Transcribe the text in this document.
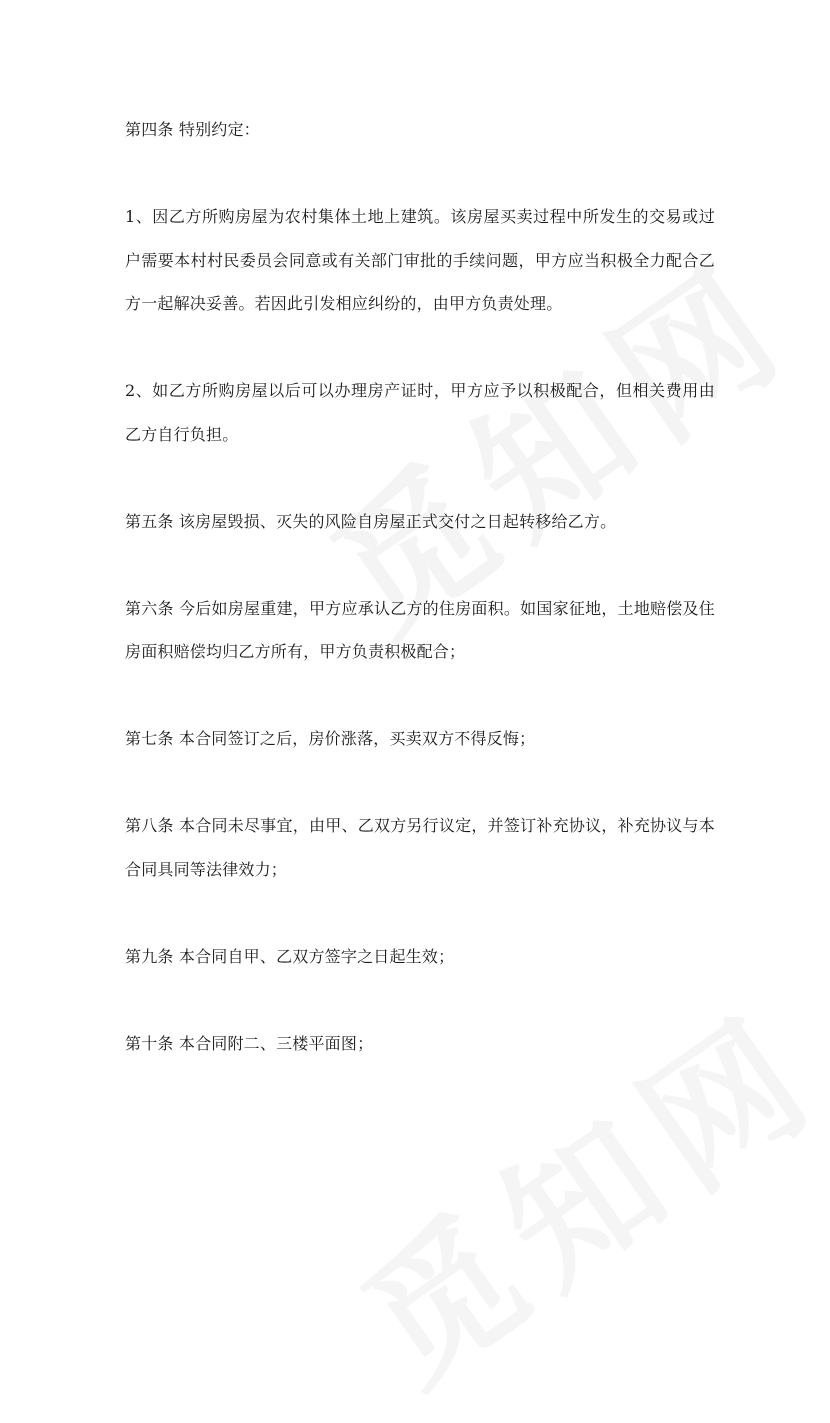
第四条 特别约定：

1、因乙方所购房屋为农村集体土地上建筑。该房屋买卖过程中所发生的交易或过户需要本村村民委员会同意或有关部门审批的手续问题，甲方应当积极全力配合乙方一起解决妥善。若因此引发相应纠纷的，由甲方负责处理。

2、如乙方所购房屋以后可以办理房产证时，甲方应予以积极配合，但相关费用由乙方自行负担。

第五条 该房屋毁损、灭失的风险自房屋正式交付之日起转移给乙方。

第六条 今后如房屋重建，甲方应承认乙方的住房面积。如国家征地，土地赔偿及住房面积赔偿均归乙方所有，甲方负责积极配合；

第七条 本合同签订之后，房价涨落，买卖双方不得反悔；

第八条 本合同未尽事宜，由甲、乙双方另行议定，并签订补充协议，补充协议与本合同具同等法律效力；

第九条 本合同自甲、乙双方签字之日起生效；

第十条 本合同附二、三楼平面图；
